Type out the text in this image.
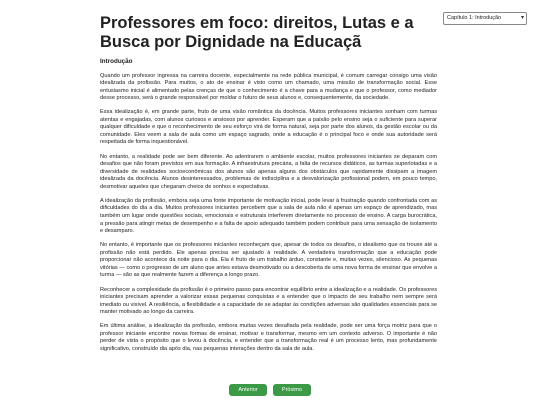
Professores em foco: direitos, Lutas e a Busca por Dignidade na Educaçã
Capítulo 1: Introdução	▾
Introdução

Quando um professor ingressa na carreira docente, especialmente na rede pública municipal, é comum carregar consigo uma visão idealizada da profissão. Para muitos, o ato de ensinar é visto como um chamado, uma missão de transformação social. Esse entusiasmo inicial é alimentado pelas crenças de que o conhecimento é a chave para a mudança e que o professor, como mediador desse processo, será o grande responsável por moldar o futuro de seus alunos e, consequentemente, da sociedade.

Essa idealização é, em grande parte, fruto de uma visão romântica da docência. Muitos professores iniciantes sonham com turmas atentas e engajadas, com alunos curiosos e ansiosos por aprender. Esperam que a paixão pelo ensino seja o suficiente para superar qualquer dificuldade e que o reconhecimento de seu esforço virá de forma natural, seja por parte dos alunos, da gestão escolar ou da comunidade. Eles veem a sala de aula como um espaço sagrado, onde a educação é o principal foco e onde sua autoridade será respeitada de forma inquestionável.

No entanto, a realidade pode ser bem diferente. Ao adentrarem o ambiente escolar, muitos professores iniciantes se deparam com desafios que não foram previstos em sua formação. A infraestrutura precária, a falta de recursos didáticos, as turmas superlotadas e a diversidade de realidades socioeconômicas dos alunos são apenas alguns dos obstáculos que rapidamente dissipam a imagem idealizada da docência. Alunos desinteressados, problemas de indisciplina e a desvalorização profissional podem, em pouco tempo, desmotivar aqueles que chegaram cheios de sonhos e expectativas.

A idealização da profissão, embora seja uma fonte importante de motivação inicial, pode levar à frustração quando confrontada com as dificuldades do dia a dia. Muitos professores iniciantes percebem que a sala de aula não é apenas um espaço de aprendizado, mas também um lugar onde questões sociais, emocionais e estruturais interferem diretamente no processo de ensino. A carga burocrática, a pressão para atingir metas de desempenho e a falta de apoio adequado também podem contribuir para uma sensação de isolamento e desamparo.

No entanto, é importante que os professores iniciantes reconheçam que, apesar de todos os desafios, o idealismo que os trouxe até a profissão não está perdido. Ele apenas precisa ser ajustado à realidade. A verdadeira transformação que a educação pode proporcionar não acontece da noite para o dia. Ela é fruto de um trabalho árduo, constante e, muitas vezes, silencioso. As pequenas vitórias — como o progresso de um aluno que antes estava desmotivado ou a descoberta de uma nova forma de ensinar que envolve a turma — são as que realmente fazem a diferença a longo prazo.

Reconhecer a complexidade da profissão é o primeiro passo para encontrar equilíbrio entre a idealização e a realidade. Os professores iniciantes precisam aprender a valorizar essas pequenas conquistas e a entender que o impacto de seu trabalho nem sempre será imediato ou visível. A resiliência, a flexibilidade e a capacidade de se adaptar às condições adversas são qualidades essenciais para se manter motivado ao longo da carreira.

Em última análise, a idealização da profissão, embora muitas vezes desafiada pela realidade, pode ser uma força motriz para que o professor iniciante encontre novas formas de ensinar, motivar e transformar, mesmo em um contexto adverso. O importante é não perder de vista o propósito que o levou à docência, e entender que a transformação real é um processo lento, mas profundamente significativo, construído dia após dia, nas pequenas interações dentro da sala de aula.

Anterior	Próximo
